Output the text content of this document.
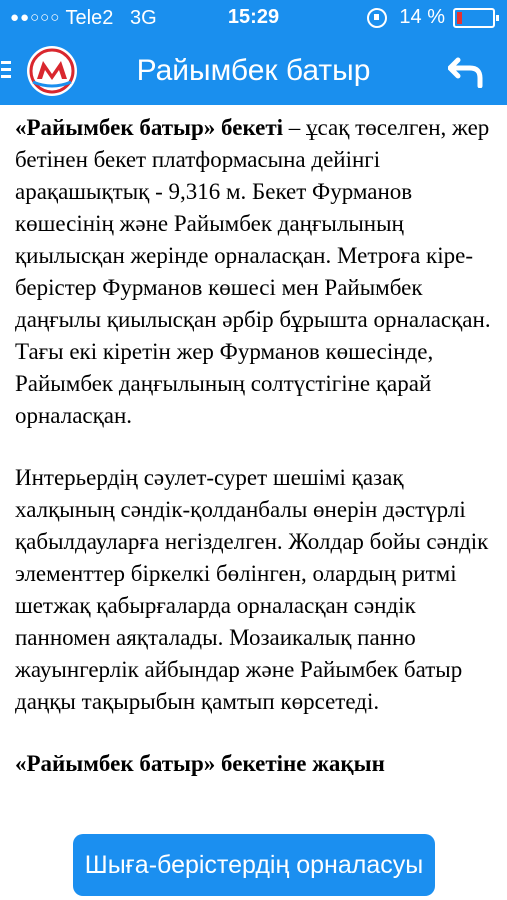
●●○○○ Tele2 3G	15:29	14 %
Райымбек батыр

«Райымбек батыр» бекеті – ұсақ төселген, жер бетінен бекет платформасына дейінгі арақашықтық - 9,316 м. Бекет Фурманов көшесінің және Райымбек даңғылының қиылысқан жерінде орналасқан. Метроға кіре-берістер Фурманов көшесі мен Райымбек даңғылы қиылысқан әрбір бұрышта орналасқан. Тағы екі кіретін жер Фурманов көшесінде, Райымбек даңғылының солтүстігіне қарай орналасқан.

Интерьердің сәулет-сурет шешімі қазақ халқының сәндік-қолданбалы өнерін дәстүрлі қабылдауларға негізделген. Жолдар бойы сәндік элементтер біркелкі бөлінген, олардың ритмі шетжақ қабырғаларда орналасқан сәндік панномен аяқталады. Мозаикалық панно жауынгерлік айбындар және Райымбек батыр даңқы тақырыбын қамтып көрсетеді.

«Райымбек батыр» бекетіне жақын

Шыға-берістердің орналасуы
